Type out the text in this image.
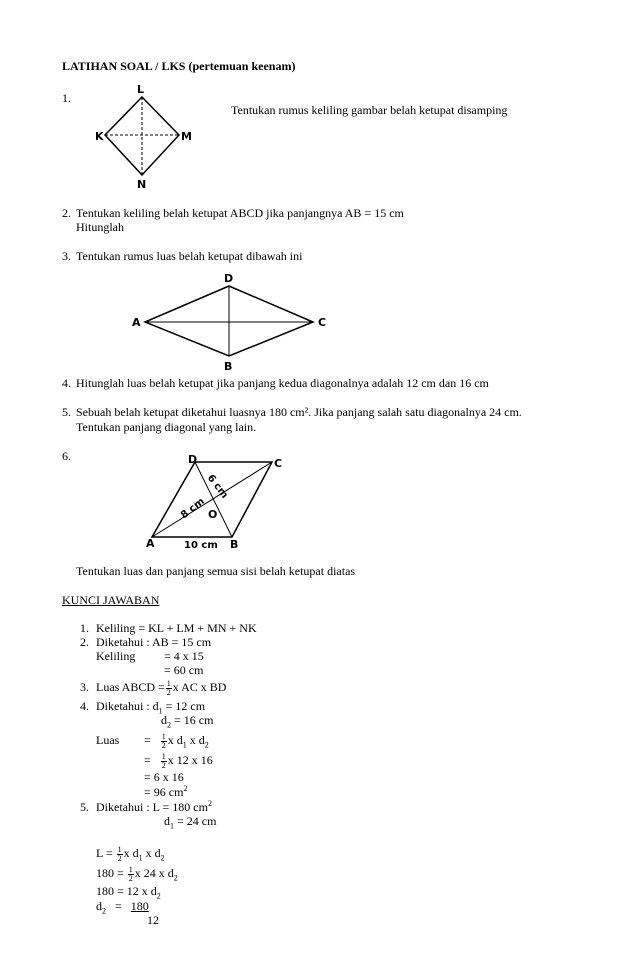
LATIHAN SOAL / LKS (pertemuan keenam)
1.
Tentukan rumus keliling gambar belah ketupat disamping
L
K	M
N
2. Tentukan keliling belah ketupat ABCD jika panjangnya AB = 15 cm
Hitunglah
3. Tentukan rumus luas belah ketupat dibawah ini
D
A	C
B
4. Hitunglah luas belah ketupat jika panjang kedua diagonalnya adalah 12 cm dan 16 cm
5. Sebuah belah ketupat diketahui luasnya 180 cm². Jika panjang salah satu diagonalnya 24 cm.
Tentukan panjang diagonal yang lain.
6.	D	C
A	B
O
10 cm
8 cm
6 cm
Tentukan luas dan panjang semua sisi belah ketupat diatas
KUNCI JAWABAN
1. Keliling = KL + LM + MN + NK
2. Diketahui : AB = 15 cm
Keliling = 4 x 15
= 60 cm
3. Luas ABCD = $\frac{1}{2}$ x AC x BD
4. Diketahui : $d_1 = 12$ cm
$d_2 = 16$ cm
Luas = $\frac{1}{2}$ x $d_1$ x $d_2$
= $\frac{1}{2}$ x 12 x 16
= 6 x 16
= 96 $cm^2$
5. Diketahui : L = 180 $cm^2$
$d_1 = 24$ cm
$L = \frac{1}{2}$ x $d_1$ x $d_2$
$180 = \frac{1}{2}$ x 24 x $d_2$
180 = 12 x $d_2$
$d_2 = 180$
12
